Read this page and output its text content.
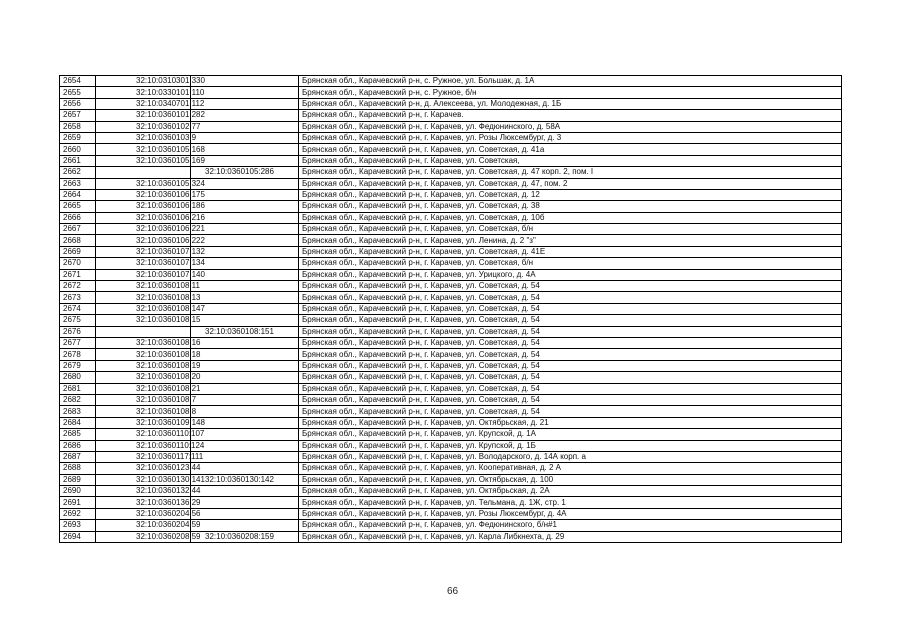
2654	32:10:0310301:330		Брянская обл., Карачевский р-н, с. Ружное, ул. Большак, д. 1А
2655	32:10:0330101:110		Брянская обл., Карачевский р-н, с. Ружное, б/н
2656	32:10:0340701:112		Брянская обл., Карачевский р-н, д. Алексеева, ул. Молодежная, д. 1Б
2657	32:10:0360101:282		Брянская обл., Карачевский р-н, г. Карачев.
2658	32:10:0360102:77		Брянская обл., Карачевский р-н, г. Карачев, ул. Федюнинского, д. 58А
2659	32:10:0360103:9		Брянская обл., Карачевский р-н, г. Карачев, ул. Розы Люксембург, д. 3
2660	32:10:0360105:168		Брянская обл., Карачевский р-н, г. Карачев, ул. Советская, д. 41а
2661	32:10:0360105:169		Брянская обл., Карачевский р-н, г. Карачев, ул. Советская,
2662		32:10:0360105:286	Брянская обл., Карачевский р-н, г. Карачев, ул. Советская, д. 47 корп. 2, пом. I
2663	32:10:0360105:324		Брянская обл., Карачевский р-н, г. Карачев, ул. Советская, д. 47, пом. 2
2664	32:10:0360106:175		Брянская обл., Карачевский р-н, г. Карачев, ул. Советская, д. 12
2665	32:10:0360106:186		Брянская обл., Карачевский р-н, г. Карачев, ул. Советская, д. 38
2666	32:10:0360106:216		Брянская обл., Карачевский р-н, г. Карачев, ул. Советская, д. 10б
2667	32:10:0360106:221		Брянская обл., Карачевский р-н, г. Карачев, ул. Советская, б/н
2668	32:10:0360106:222		Брянская обл., Карачевский р-н, г. Карачев, ул. Ленина, д. 2 "з"
2669	32:10:0360107:132		Брянская обл., Карачевский р-н, г. Карачев, ул. Советская, д. 41Е
2670	32:10:0360107:134		Брянская обл., Карачевский р-н, г. Карачев, ул. Советская, б/н
2671	32:10:0360107:140		Брянская обл., Карачевский р-н, г. Карачев, ул. Урицкого, д. 4А
2672	32:10:0360108:11		Брянская обл., Карачевский р-н, г. Карачев, ул. Советская, д. 54
2673	32:10:0360108:13		Брянская обл., Карачевский р-н, г. Карачев, ул. Советская, д. 54
2674	32:10:0360108:147		Брянская обл., Карачевский р-н, г. Карачев, ул. Советская, д. 54
2675	32:10:0360108:15		Брянская обл., Карачевский р-н, г. Карачев, ул. Советская, д. 54
2676		32:10:0360108:151	Брянская обл., Карачевский р-н, г. Карачев, ул. Советская, д. 54
2677	32:10:0360108:16		Брянская обл., Карачевский р-н, г. Карачев, ул. Советская, д. 54
2678	32:10:0360108:18		Брянская обл., Карачевский р-н, г. Карачев, ул. Советская, д. 54
2679	32:10:0360108:19		Брянская обл., Карачевский р-н, г. Карачев, ул. Советская, д. 54
2680	32:10:0360108:20		Брянская обл., Карачевский р-н, г. Карачев, ул. Советская, д. 54
2681	32:10:0360108:21		Брянская обл., Карачевский р-н, г. Карачев, ул. Советская, д. 54
2682	32:10:0360108:7		Брянская обл., Карачевский р-н, г. Карачев, ул. Советская, д. 54
2683	32:10:0360108:8		Брянская обл., Карачевский р-н, г. Карачев, ул. Советская, д. 54
2684	32:10:0360109:148		Брянская обл., Карачевский р-н, г. Карачев, ул. Октябрьская, д. 21
2685	32:10:0360110:107		Брянская обл., Карачевский р-н, г. Карачев, ул. Крупской, д. 1А
2686	32:10:0360110:124		Брянская обл., Карачевский р-н, г. Карачев, ул. Крупской, д. 1Б
2687	32:10:0360117:111		Брянская обл., Карачевский р-н, г. Карачев, ул. Володарского, д. 14А корп. а
2688	32:10:0360123:44		Брянская обл., Карачевский р-н, г. Карачев, ул. Кооперативная, д. 2 А
2689	32:10:0360130:141	32:10:0360130:142	Брянская обл., Карачевский р-н, г. Карачев, ул. Октябрьская, д. 100
2690	32:10:0360132:44		Брянская обл., Карачевский р-н, г. Карачев, ул. Октябрьская, д. 2А
2691	32:10:0360136:29		Брянская обл., Карачевский р-н, г. Карачев, ул. Тельмана, д. 1Ж, стр. 1
2692	32:10:0360204:56		Брянская обл., Карачевский р-н, г. Карачев, ул. Розы Люксембург, д. 4А
2693	32:10:0360204:59		Брянская обл., Карачевский р-н, г. Карачев, ул. Федюнинского, б/н#1
2694	32:10:0360208:59	32:10:0360208:159	Брянская обл., Карачевский р-н, г. Карачев, ул. Карла Либкнехта, д. 29
66
